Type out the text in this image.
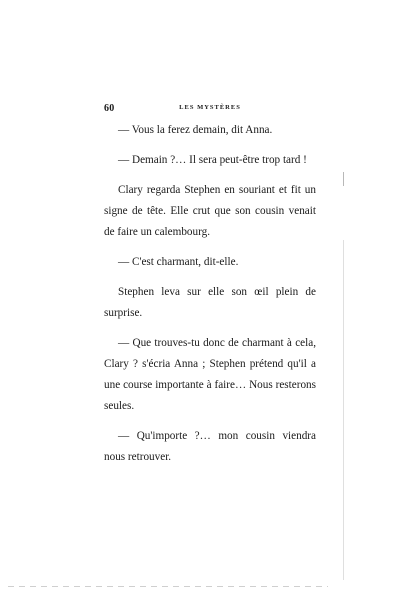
60	LES MYSTÈRES

— Vous la ferez demain, dit Anna.

— Demain ?… Il sera peut-être trop tard !

Clary regarda Stephen en souriant et fit un signe de tête. Elle crut que son cousin venait de faire un calembourg.

— C'est charmant, dit-elle.

Stephen leva sur elle son œil plein de surprise.

— Que trouves-tu donc de charmant à cela, Clary ? s'écria Anna ; Stephen prétend qu'il a une course importante à faire… Nous resterons seules.

— Qu'importe ?… mon cousin viendra nous retrouver.
